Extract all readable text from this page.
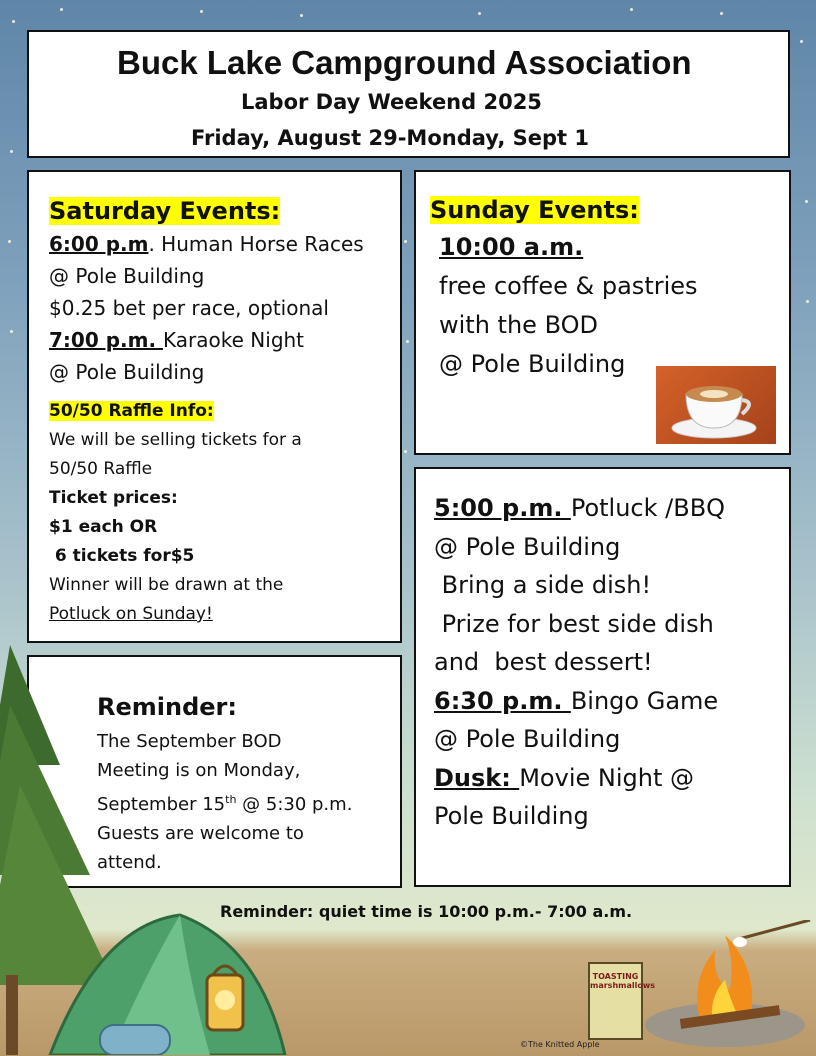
Buck Lake Campground Association
Labor Day Weekend 2025
Friday, August 29-Monday, Sept 1
Saturday Events:
6:00 p.m. Human Horse Races
@ Pole Building
$0.25 bet per race, optional
7:00 p.m. Karaoke Night
@ Pole Building
50/50 Raffle Info:
We will be selling tickets for a
50/50 Raffle
Ticket prices:
$1 each OR
6 tickets for$5
Winner will be drawn at the
Potluck on Sunday!
Sunday Events:
10:00 a.m.
free coffee & pastries
with the BOD
@ Pole Building
5:00 p.m. Potluck /BBQ
@ Pole Building
Bring a side dish!
Prize for best side dish
and  best dessert!
6:30 p.m. Bingo Game
@ Pole Building
Dusk: Movie Night @
Pole Building
Reminder:
The September BOD
Meeting is on Monday,
September 15th @ 5:30 p.m.
Guests are welcome to
attend.
TOASTING marshmallows
Reminder: quiet time is 10:00 p.m.- 7:00 a.m.
©The Knitted Apple
